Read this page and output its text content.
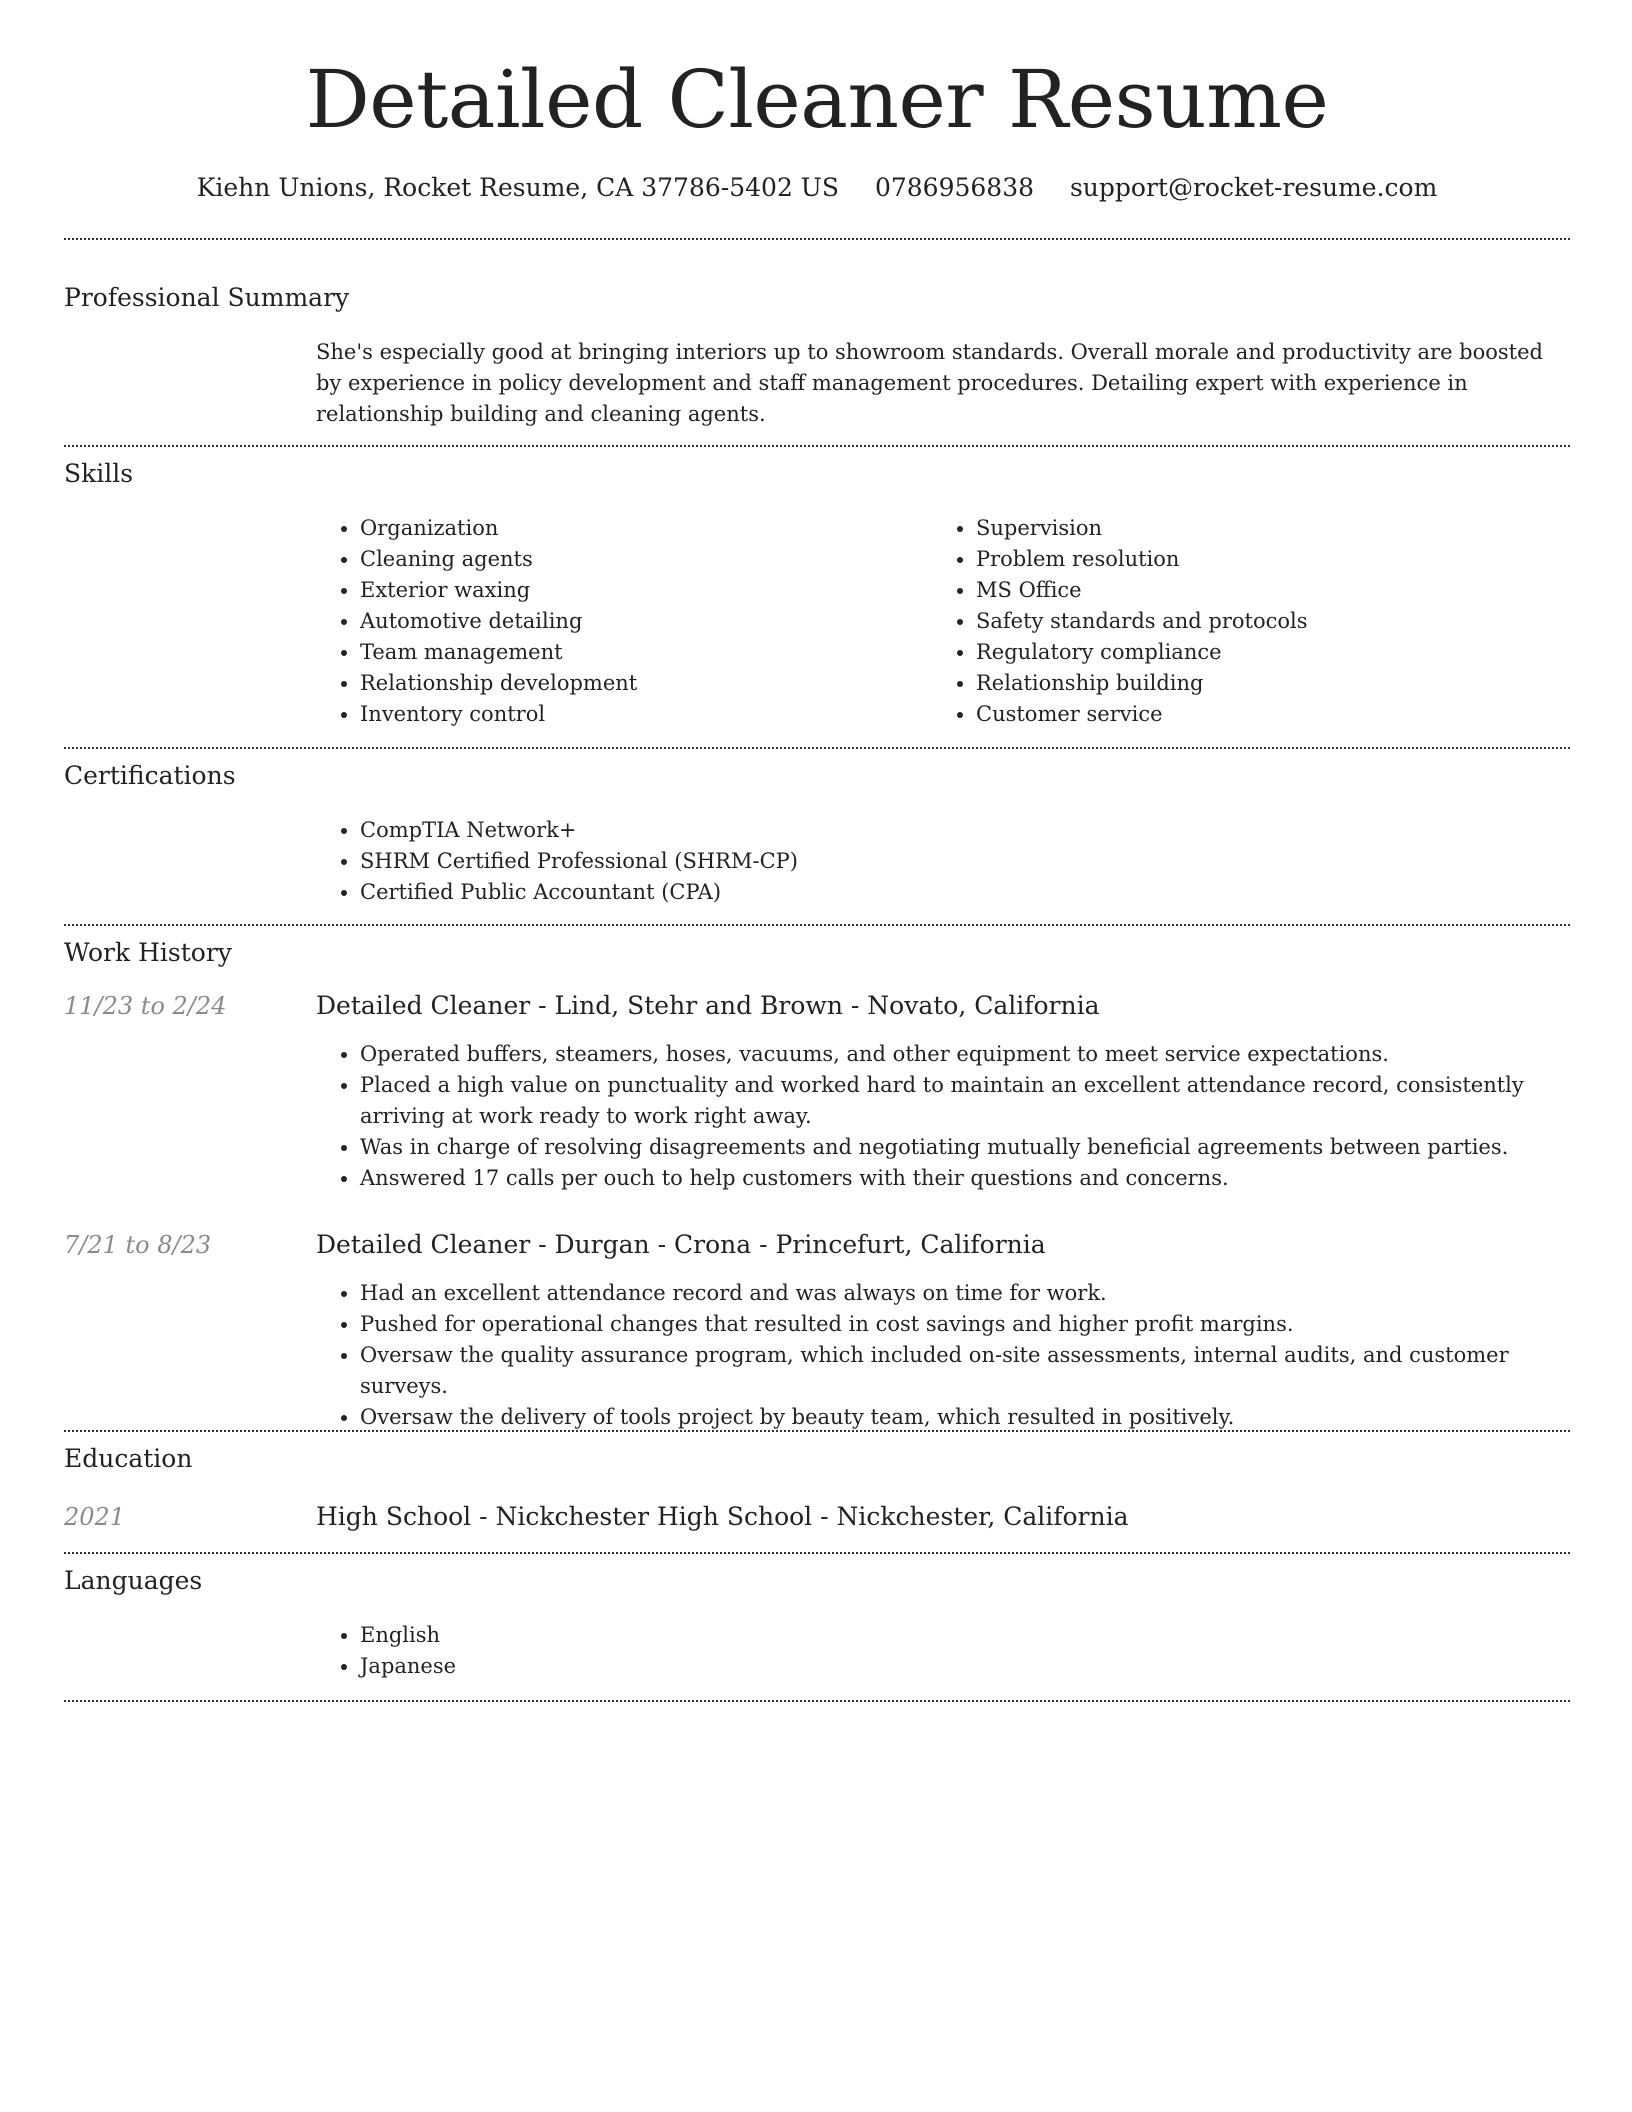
Detailed Cleaner Resume
Kiehn Unions, Rocket Resume, CA 37786-5402 US 0786956838 support@rocket-resume.com
Professional Summary

She's especially good at bringing interiors up to showroom standards. Overall morale and productivity are boosted by experience in policy development and staff management procedures. Detailing expert with experience in relationship building and cleaning agents.

Skills
• Organization
• Cleaning agents
• Exterior waxing
• Automotive detailing
• Team management
• Relationship development
• Inventory control
• Supervision
• Problem resolution
• MS Office
• Safety standards and protocols
• Regulatory compliance
• Relationship building
• Customer service
Certifications
• CompTIA Network+
• SHRM Certified Professional (SHRM-CP)
• Certified Public Accountant (CPA)
Work History
11/23 to 2/24	Detailed Cleaner - Lind, Stehr and Brown - Novato, California
• Operated buffers, steamers, hoses, vacuums, and other equipment to meet service expectations.
• Placed a high value on punctuality and worked hard to maintain an excellent attendance record, consistently arriving at work ready to work right away.
• Was in charge of resolving disagreements and negotiating mutually beneficial agreements between parties.
• Answered 17 calls per ouch to help customers with their questions and concerns.
7/21 to 8/23	Detailed Cleaner - Durgan - Crona - Princefurt, California
• Had an excellent attendance record and was always on time for work.
• Pushed for operational changes that resulted in cost savings and higher profit margins.
• Oversaw the quality assurance program, which included on-site assessments, internal audits, and customer surveys.
• Oversaw the delivery of tools project by beauty team, which resulted in positively.
Education
2021	High School - Nickchester High School - Nickchester, California
Languages
• English
• Japanese
